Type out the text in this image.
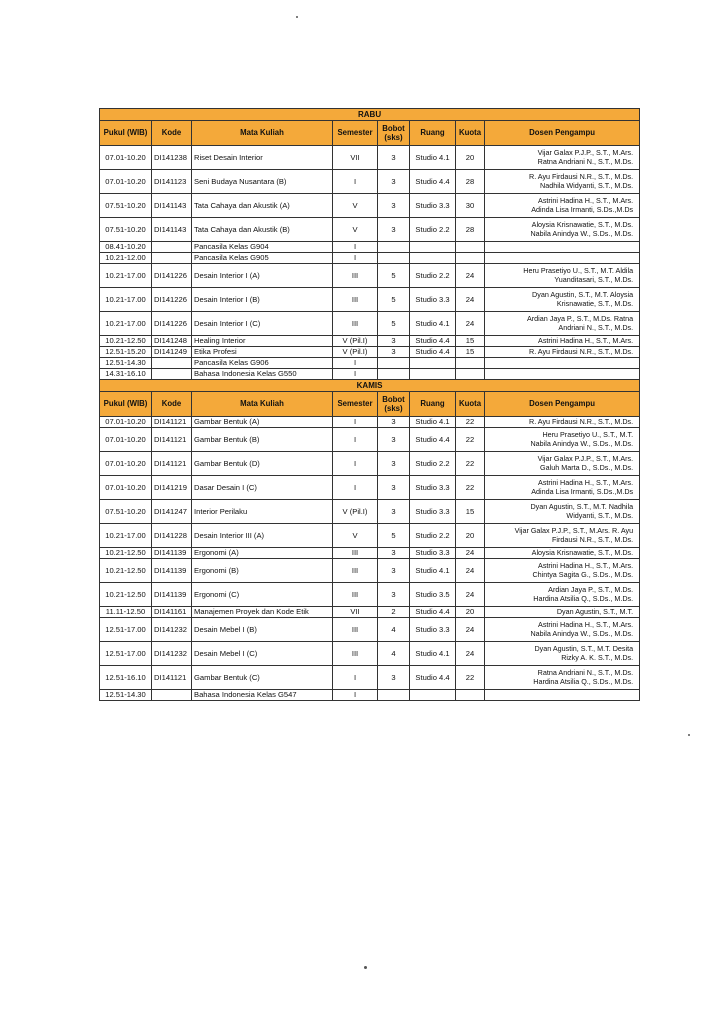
RABU							
Pukul (WIB)	Kode	Mata Kuliah	Semester	Bobot (sks)	Ruang	Kuota	Dosen Pengampu
07.01-10.20	DI141238	Riset Desain Interior	VII	3	Studio 4.1	20	Vijar Galax P.J.P., S.T., M.Ars.
Ratna Andriani N., S.T., M.Ds.

07.01-10.20	DI141123	Seni Budaya Nusantara (B)	I	3	Studio 4.4	28	R. Ayu Firdausi N.R., S.T., M.Ds.
Nadhila Widyanti, S.T., M.Ds.

07.51-10.20	DI141143	Tata Cahaya dan Akustik (A)	V	3	Studio 3.3	30	Astrini Hadina H., S.T., M.Ars.
Adinda Lisa Irmanti, S.Ds.,M.Ds

07.51-10.20	DI141143	Tata Cahaya dan Akustik (B)	V	3	Studio 2.2	28	Aloysia Krisnawatie, S.T., M.Ds.
Nabila Anindya W., S.Ds., M.Ds.

08.41-10.20		Pancasila Kelas G904	I				
10.21-12.00		Pancasila Kelas G905	I				
10.21-17.00	DI141226	Desain Interior I (A)	III	5	Studio 2.2	24	Heru Prasetiyo U., S.T., M.T. Aldila
Yuanditasari, S.T., M.Ds.

10.21-17.00	DI141226	Desain Interior I (B)	III	5	Studio 3.3	24	Dyan Agustin, S.T., M.T. Aloysia
Krisnawatie, S.T., M.Ds.

10.21-17.00	DI141226	Desain Interior I (C)	III	5	Studio 4.1	24	Ardian Jaya P., S.T., M.Ds. Ratna
Andriani N., S.T., M.Ds.

10.21-12.50	DI141248	Healing Interior	V (Pil.I)	3	Studio 4.4	15	Astrini Hadina H., S.T., M.Ars.

12.51-15.20	DI141249	Etika Profesi	V (Pil.I)	3	Studio 4.4	15	R. Ayu Firdausi N.R., S.T., M.Ds.

12.51-14.30		Pancasila Kelas G906	I				
14.31-16.10		Bahasa Indonesia Kelas G550	I				
KAMIS							
Pukul (WIB)	Kode	Mata Kuliah	Semester	Bobot (sks)	Ruang	Kuota	Dosen Pengampu
07.01-10.20	DI141121	Gambar Bentuk (A)	I	3	Studio 4.1	22	R. Ayu Firdausi N.R., S.T., M.Ds.

07.01-10.20	DI141121	Gambar Bentuk (B)	I	3	Studio 4.4	22	Heru Prasetiyo U., S.T., M.T.
Nabila Anindya W., S.Ds., M.Ds.

07.01-10.20	DI141121	Gambar Bentuk (D)	I	3	Studio 2.2	22	Vijar Galax P.J.P., S.T., M.Ars.
Galuh Marta D., S.Ds., M.Ds.

07.01-10.20	DI141219	Dasar Desain I (C)	I	3	Studio 3.3	22	Astrini Hadina H., S.T., M.Ars.
Adinda Lisa Irmanti, S.Ds.,M.Ds

07.51-10.20	DI141247	Interior Perilaku	V (Pil.I)	3	Studio 3.3	15	Dyan Agustin, S.T., M.T. Nadhila
Widyanti, S.T., M.Ds.

10.21-17.00	DI141228	Desain Interior III (A)	V	5	Studio 2.2	20	Vijar Galax P.J.P., S.T., M.Ars. R. Ayu
Firdausi N.R., S.T., M.Ds.

10.21-12.50	DI141139	Ergonomi (A)	III	3	Studio 3.3	24	Aloysia Krisnawatie, S.T., M.Ds.

10.21-12.50	DI141139	Ergonomi (B)	III	3	Studio 4.1	24	Astrini Hadina H., S.T., M.Ars.
Chintya Sagita G., S.Ds., M.Ds.

10.21-12.50	DI141139	Ergonomi (C)	III	3	Studio 3.5	24	Ardian Jaya P., S.T., M.Ds.
Hardina Atsilia Q., S.Ds., M.Ds.

11.11-12.50	DI141161	Manajemen Proyek dan Kode Etik	VII	2	Studio 4.4	20	Dyan Agustin, S.T., M.T.

12.51-17.00	DI141232	Desain Mebel I (B)	III	4	Studio 3.3	24	Astrini Hadina H., S.T., M.Ars.
Nabila Anindya W., S.Ds., M.Ds.

12.51-17.00	DI141232	Desain Mebel I (C)	III	4	Studio 4.1	24	Dyan Agustin, S.T., M.T. Desita
Rizky A. K. S.T., M.Ds.

12.51-16.10	DI141121	Gambar Bentuk (C)	I	3	Studio 4.4	22	Ratna Andriani N., S.T., M.Ds.
Hardina Atsilia Q., S.Ds., M.Ds.

12.51-14.30		Bahasa Indonesia Kelas G547	I				
